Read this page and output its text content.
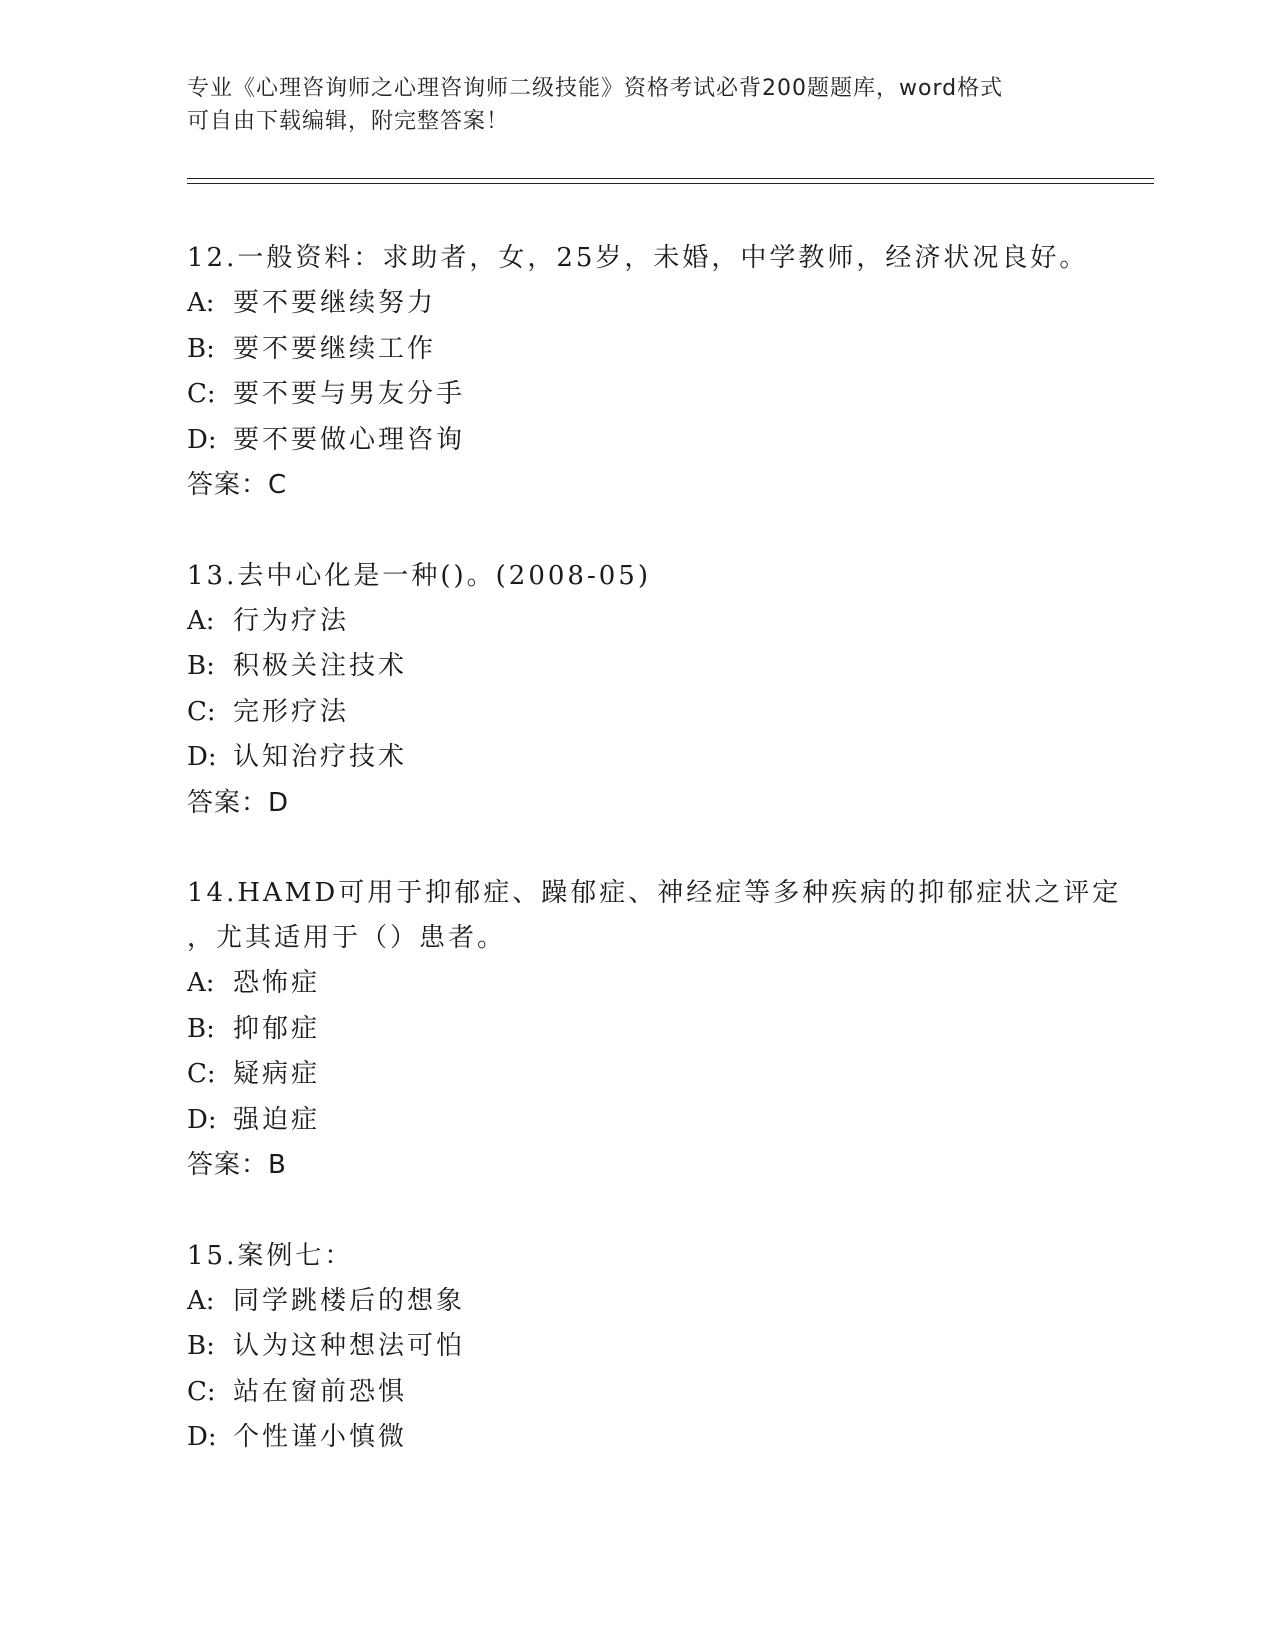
专业《心理咨询师之心理咨询师二级技能》资格考试必背200题题库，word格式
可自由下载编辑，附完整答案！
12.一般资料：求助者，女，25岁，未婚，中学教师，经济状况良好。
A: 要不要继续努力
B: 要不要继续工作
C: 要不要与男友分手
D: 要不要做心理咨询
答案：C
13.去中心化是一种()。(2008-05)
A: 行为疗法
B: 积极关注技术
C: 完形疗法
D: 认知治疗技术
答案：D
14.HAMD可用于抑郁症、躁郁症、神经症等多种疾病的抑郁症状之评定
，尤其适用于（）患者。
A: 恐怖症
B: 抑郁症
C: 疑病症
D: 强迫症
答案：B
15.案例七：
A: 同学跳楼后的想象
B: 认为这种想法可怕
C: 站在窗前恐惧
D: 个性谨小慎微
